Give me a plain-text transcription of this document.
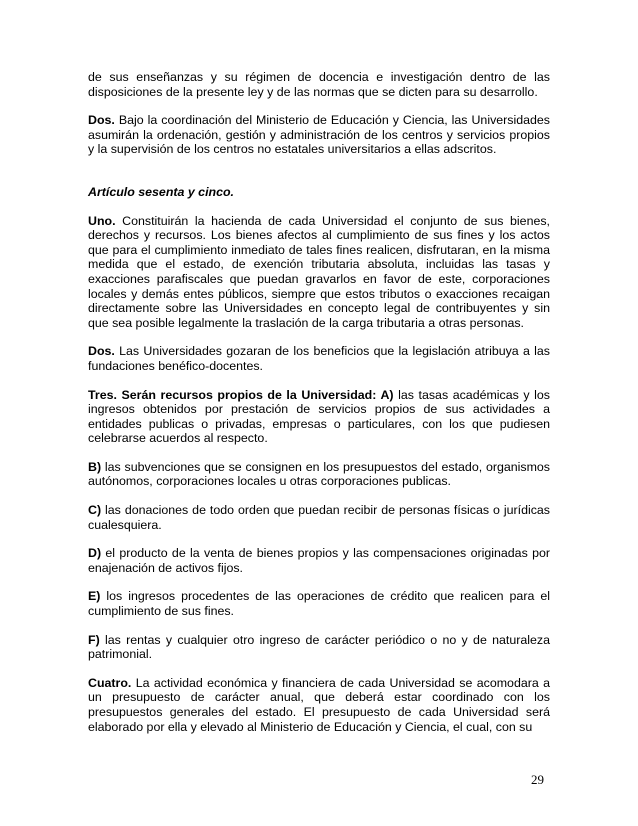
de sus enseñanzas y su régimen de docencia e investigación dentro de las disposiciones de la presente ley y de las normas que se dicten para su desarrollo.

Dos. Bajo la coordinación del Ministerio de Educación y Ciencia, las Universidades asumirán la ordenación, gestión y administración de los centros y servicios propios y la supervisión de los centros no estatales universitarios a ellas adscritos.

Artículo sesenta y cinco.

Uno. Constituirán la hacienda de cada Universidad el conjunto de sus bienes, derechos y recursos. Los bienes afectos al cumplimiento de sus fines y los actos que para el cumplimiento inmediato de tales fines realicen, disfrutaran, en la misma medida que el estado, de exención tributaria absoluta, incluidas las tasas y exacciones parafiscales que puedan gravarlos en favor de este, corporaciones locales y demás entes públicos, siempre que estos tributos o exacciones recaigan directamente sobre las Universidades en concepto legal de contribuyentes y sin que sea posible legalmente la traslación de la carga tributaria a otras personas.

Dos. Las Universidades gozaran de los beneficios que la legislación atribuya a las fundaciones benéfico-docentes.

Tres. Serán recursos propios de la Universidad: A) las tasas académicas y los ingresos obtenidos por prestación de servicios propios de sus actividades a entidades publicas o privadas, empresas o particulares, con los que pudiesen celebrarse acuerdos al respecto.

B) las subvenciones que se consignen en los presupuestos del estado, organismos autónomos, corporaciones locales u otras corporaciones publicas.

C) las donaciones de todo orden que puedan recibir de personas físicas o jurídicas cualesquiera.

D) el producto de la venta de bienes propios y las compensaciones originadas por enajenación de activos fijos.

E) los ingresos procedentes de las operaciones de crédito que realicen para el cumplimiento de sus fines.

F) las rentas y cualquier otro ingreso de carácter periódico o no y de naturaleza patrimonial.

Cuatro. La actividad económica y financiera de cada Universidad se acomodara a un presupuesto de carácter anual, que deberá estar coordinado con los presupuestos generales del estado. El presupuesto de cada Universidad será elaborado por ella y elevado al Ministerio de Educación y Ciencia, el cual, con su

29
